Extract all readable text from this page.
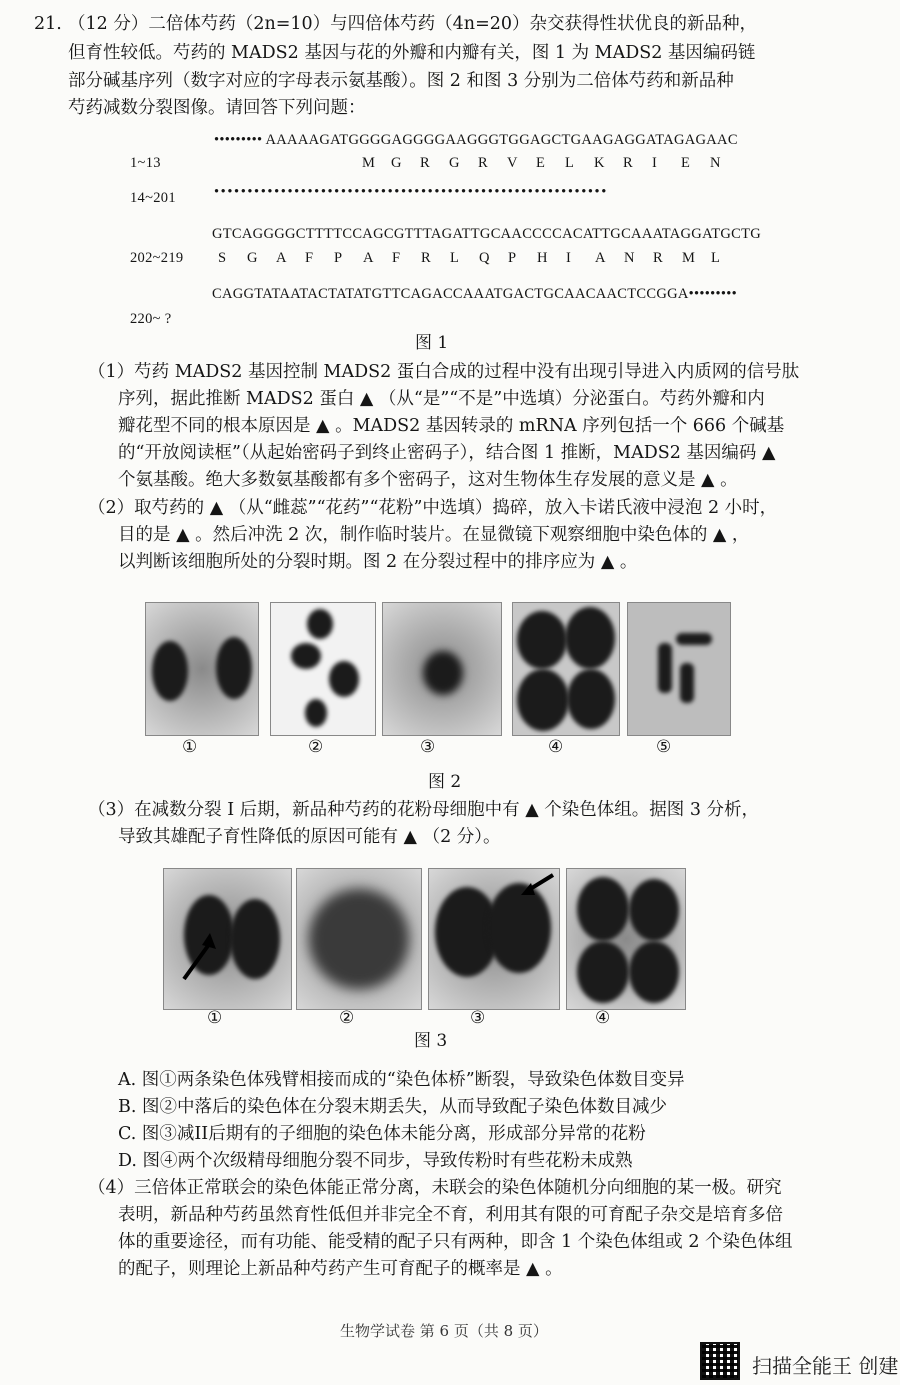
21. （12 分）二倍体芍药（2n=10）与四倍体芍药（4n=20）杂交获得性状优良的新品种，
但育性较低。芍药的 MADS2 基因与花的外瓣和内瓣有关，图 1 为 MADS2 基因编码链
部分碱基序列（数字对应的字母表示氨基酸）。图 2 和图 3 分别为二倍体芍药和新品种
芍药减数分裂图像。请回答下列问题：
••••••••• AAAAAGATGGGGAGGGGAAGGGTGGAGCTGAAGAGGATAGAGAAC
1~13	M G R G R V E L K R I E N
14~201	•••••••••••••••••••••••••••••••••••••••••••••••••••••••••••
GTCAGGGGCTTTTCCAGCGTTTAGATTGCAACCCCACATTGCAAATAGGATGCTG
202~219 S G A F P A F R L Q P H I A N R M L
CAGGTATAATACTATATGTTCAGACCAAATGACTGCAACAACTCCGGA•••••••••
220~ ?
图 1
（1）芍药 MADS2 基因控制 MADS2 蛋白合成的过程中没有出现引导进入内质网的信号肽
序列，据此推断 MADS2 蛋白 ▲ （从“是”“不是”中选填）分泌蛋白。芍药外瓣和内
瓣花型不同的根本原因是 ▲ 。MADS2 基因转录的 mRNA 序列包括一个 666 个碱基
的“开放阅读框”（从起始密码子到终止密码子），结合图 1 推断，MADS2 基因编码 ▲
个氨基酸。绝大多数氨基酸都有多个密码子，这对生物体生存发展的意义是 ▲ 。
（2）取芍药的 ▲ （从“雌蕊”“花药”“花粉”中选填）捣碎，放入卡诺氏液中浸泡 2 小时，
目的是 ▲ 。然后冲洗 2 次，制作临时装片。在显微镜下观察细胞中染色体的 ▲ ，
以判断该细胞所处的分裂时期。图 2 在分裂过程中的排序应为 ▲ 。
①	②	③	④	⑤
图 2
（3）在减数分裂 I 后期，新品种芍药的花粉母细胞中有 ▲ 个染色体组。据图 3 分析，
导致其雄配子育性降低的原因可能有 ▲ （2 分）。
①	②	③	④
图 3
A. 图①两条染色体残臂相接而成的“染色体桥”断裂，导致染色体数目变异
B. 图②中落后的染色体在分裂末期丢失，从而导致配子染色体数目减少
C. 图③减II后期有的子细胞的染色体未能分离，形成部分异常的花粉
D. 图④两个次级精母细胞分裂不同步，导致传粉时有些花粉未成熟
（4）三倍体正常联会的染色体能正常分离，未联会的染色体随机分向细胞的某一极。研究
表明，新品种芍药虽然育性低但并非完全不育，利用其有限的可育配子杂交是培育多倍
体的重要途径，而有功能、能受精的配子只有两种，即含 1 个染色体组或 2 个染色体组
的配子，则理论上新品种芍药产生可育配子的概率是 ▲ 。
生物学试卷 第 6 页（共 8 页）
扫描全能王 创建
